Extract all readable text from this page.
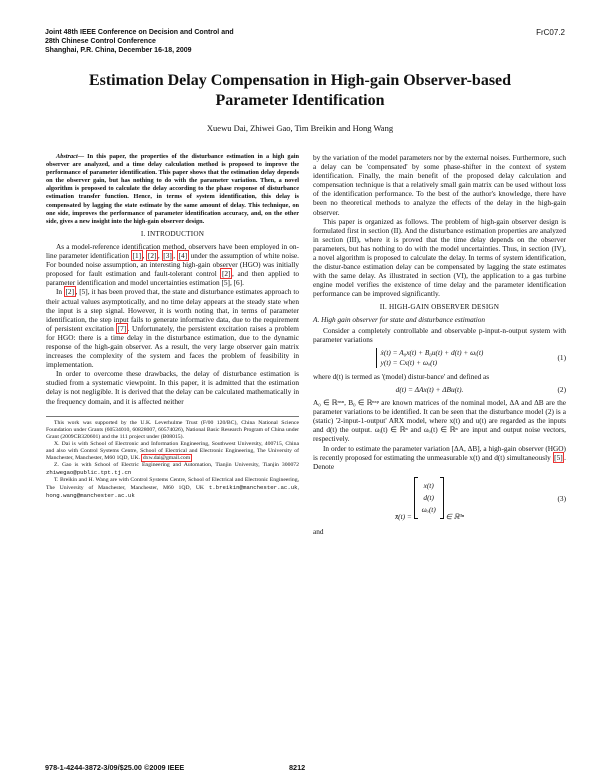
Joint 48th IEEE Conference on Decision and Control and
28th Chinese Control Conference
Shanghai, P.R. China, December 16-18, 2009
FrC07.2
Estimation Delay Compensation in High-gain Observer-based
Parameter Identification
Xuewu Dai, Zhiwei Gao, Tim Breikin and Hong Wang

Abstract— In this paper, the properties of the disturbance estimation in a high gain observer are analyzed, and a time delay calculation method is proposed to improve the performance of parameter identification. This paper shows that the estimation delay depends on the observer gain, but has nothing to do with the parameter variation. Then, a novel algorithm is proposed to calculate the delay according to the phase response of disturbance estimation transfer function. Hence, in terms of system identification, this delay is compensated by lagging the state estimate by the same amount of delay. This technique, on one side, improves the performance of parameter identification accuracy, and, on the other side, gives a new insight into the high-gain observer design.

I. INTRODUCTION

As a model-reference identification method, observers have been employed in on-line parameter identification [1] , [2] , [3] , [4] under the assumption of white noise. For bounded noise assumption, an interesting high-gain observer (HGO) was initially proposed for fault estimation and fault-tolerant control [2] , and then applied to parameter identification and model uncertainties estimation [5], [6].

In [2] , [5], it has been proved that, the state and disturbance estimates approach to their actual values asymptotically, and no time delay appears at the steady state when the input is a step signal. However, it is worth noting that, in terms of parameter identification, the step input fails to generate informative data, due to the requirement of persistent excitation [7] . Unfortunately, the persistent excitation raises a problem for HGO: there is a time delay in the disturbance estimation, due to the dynamic response of the high-gain observer. As a result, the very large observer gain matrix increases the complexity of the system and faces the problem of feasibility in implementation.

In order to overcome these drawbacks, the delay of disturbance estimation is studied from a systematic viewpoint. In this paper, it is admitted that the estimation delay is not negligible. It is derived that the delay can be calculated mathematically in the frequency domain, and it is affected neither

This work was supported by the U.K. Leverhulme Trust (F/00 120/BC), China National Science Foundation under Grants (60534010, 60828007, 60574026), National Basic Research Program of China under Grant (2009CB320601) and the 111 project under (B08015).

X. Dai is with School of Electronic and Information Engineering, Southwest University, 400715, China and also with Control Systems Centre, School of Electrical and Electronic Engineering, The University of Manchester, Manchester, M60 1QD, UK. dxw.dai@gmail.com

Z. Gao is with School of Electric Engineering and Automation, Tianjin University, Tianjin 300072 zhiwegao@public.tpt.tj.cn

T. Breikin and H. Wang are with Control Systems Centre, School of Electrical and Electronic Engineering, The University of Manchester, Manchester, M60 1QD, UK t.breikin@manchester.ac.uk, hong.wang@manchester.ac.uk

by the variation of the model parameters nor by the external noises. Furthermore, such a delay can be 'compensated' by some phase-shifter in the context of system identification. Finally, the main benefit of the proposed delay calculation and compensation technique is that a relatively small gain matrix can be used without loss of the identification performance. To the best of the author's knowledge, there have been no theoretical methods to analyze the effects of the delay in the high-gain observer.

This paper is organized as follows. The problem of high-gain observer design is formulated first in section (II). And the disturbance estimation properties are analyzed in section (III), where it is proved that the time delay depends on the observer parameters, but has nothing to do with the model uncertainties. Thus, in section (IV), a novel algorithm is proposed to calculate the delay. In terms of system identification, the distur-bance estimation delay can be compensated by lagging the state estimates with the same delay. As illustrated in section (VI), the application to a gas turbine engine model verifies the existence of time delay and the parameter identification performance can be improved significantly.

II. HIGH-GAIN OBSERVER DESIGN
A. High gain observer for state and disturbance estimation

Consider a completely controllable and observable p-input-n-output system with parameter variations

ẋ(t) = A₀x(t) + B₀u(t) + d(t) + ωᵢ(t)
y(t) = Cx(t) + ωₒ(t)
(1)

where d(t) is termed as '(model) distur-bance' and defined as

d(t) = ΔAx(t) + ΔBu(t).	(2)

A₀ ∈ ℝⁿˣⁿ, B₀ ∈ ℝⁿˣᵖ are known matrices of the nominal model, ΔA and ΔB are the parameter variations to be identified. It can be seen that the disturbance model (2) is a (static) '2-input-1-output' ARX model, where x(t) and u(t) are regarded as the inputs and d(t) the output. ωᵢ(t) ∈ ℝⁿ and ωₒ(t) ∈ ℝⁿ are input and output noise vectors, respectively.

In order to estimate the parameter variation [ΔA, ΔB], a high-gain observer (HGO) is recently proposed for estimating the unmeasurable x(t) and d(t) simultaneously [5] . Denote

x̄(t) =
x(t)
d(t)
ωₒ(t)
∈ ℝ³ⁿ
(3)

and

978-1-4244-3872-3/09/$25.00 ©2009 IEEE	8212
